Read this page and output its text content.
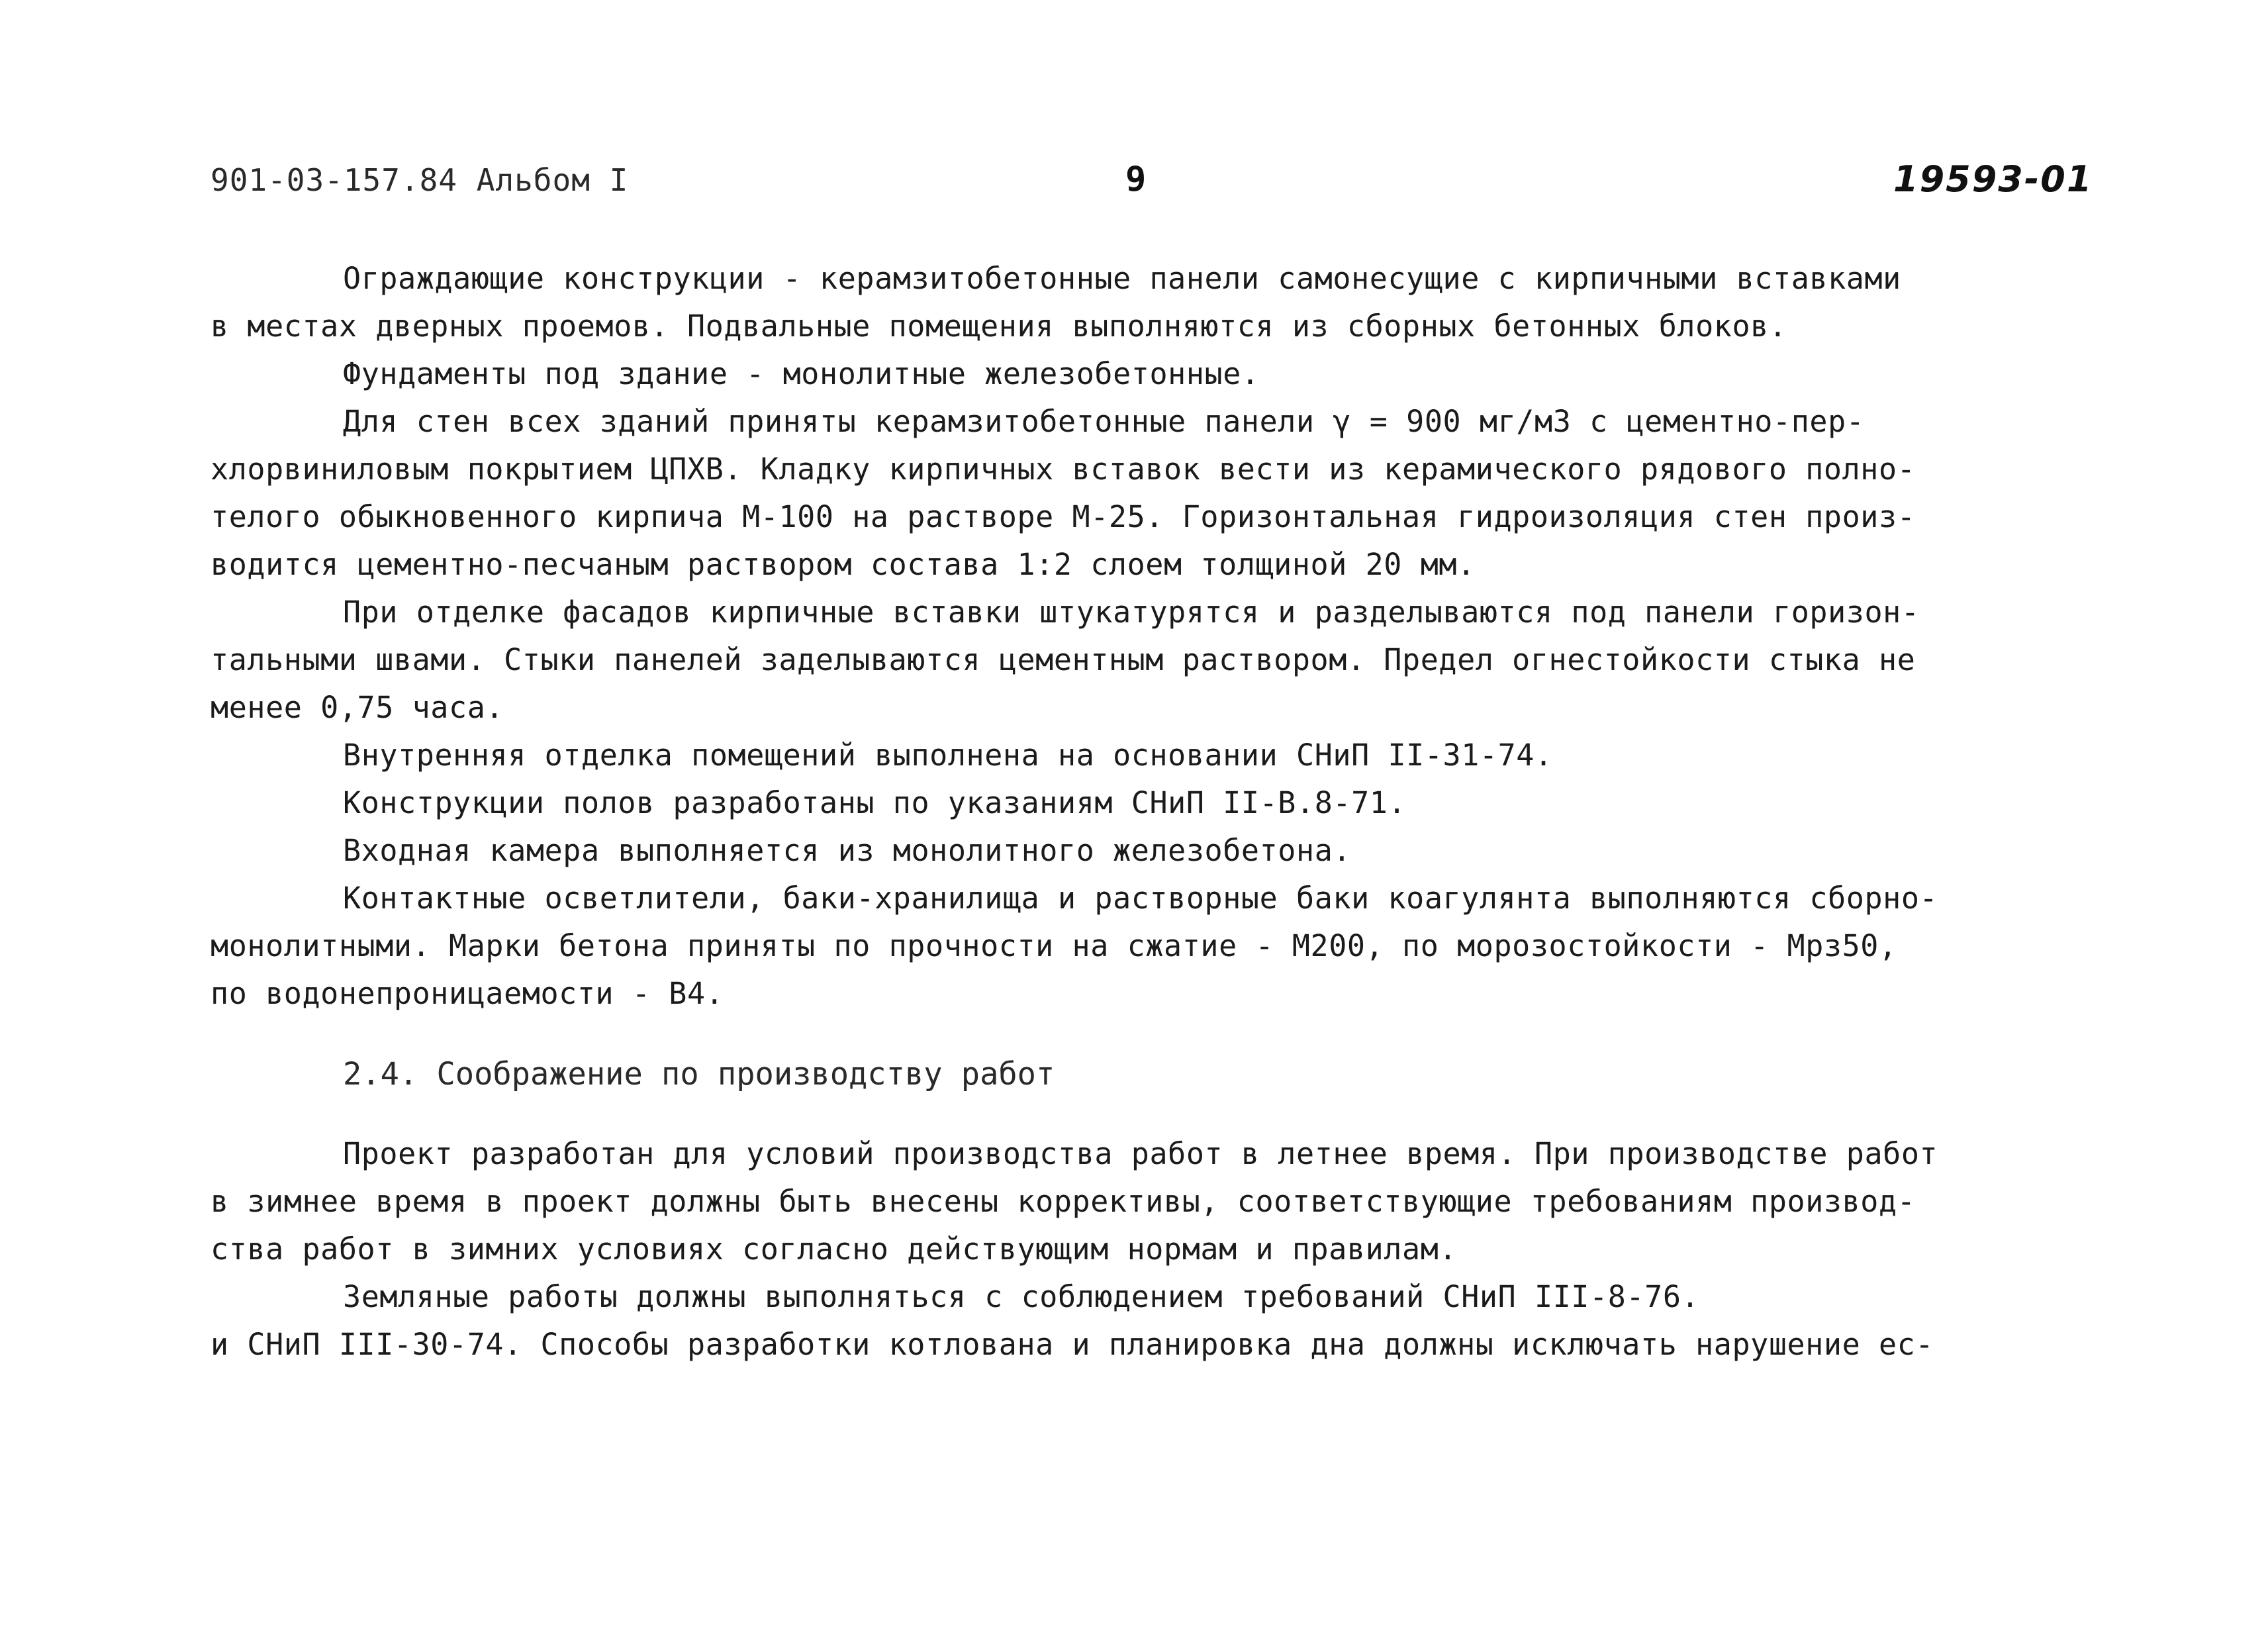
901-03-157.84 Альбом I	9	19593-01
Ограждающие конструкции - керамзитобетонные панели самонесущие с кирпичными вставками
в местах дверных проемов. Подвальные помещения выполняются из сборных бетонных блоков.
Фундаменты под здание - монолитные железобетонные.
Для стен всех зданий приняты керамзитобетонные панели γ = 900 мг/м3 с цементно-пер-
хлорвиниловым покрытием ЦПХВ. Кладку кирпичных вставок вести из керамического рядового полно-
телого обыкновенного кирпича М-100 на растворе М-25. Горизонтальная гидроизоляция стен произ-
водится цементно-песчаным раствором состава 1:2 слоем толщиной 20 мм.
При отделке фасадов кирпичные вставки штукатурятся и разделываются под панели горизон-
тальными швами. Стыки панелей заделываются цементным раствором. Предел огнестойкости стыка не
менее 0,75 часа.
Внутренняя отделка помещений выполнена на основании СНиП II-31-74.
Конструкции полов разработаны по указаниям СНиП II-В.8-71.
Входная камера выполняется из монолитного железобетона.
Контактные осветлители, баки-хранилища и растворные баки коагулянта выполняются сборно-
монолитными. Марки бетона приняты по прочности на сжатие - М200, по морозостойкости - Мрз50,
по водонепроницаемости - В4.
2.4. Соображение по производству работ
Проект разработан для условий производства работ в летнее время. При производстве работ
в зимнее время в проект должны быть внесены коррективы, соответствующие требованиям производ-
ства работ в зимних условиях согласно действующим нормам и правилам.
Земляные работы должны выполняться с соблюдением требований СНиП III-8-76.
и СНиП III-30-74. Способы разработки котлована и планировка дна должны исключать нарушение ес-
